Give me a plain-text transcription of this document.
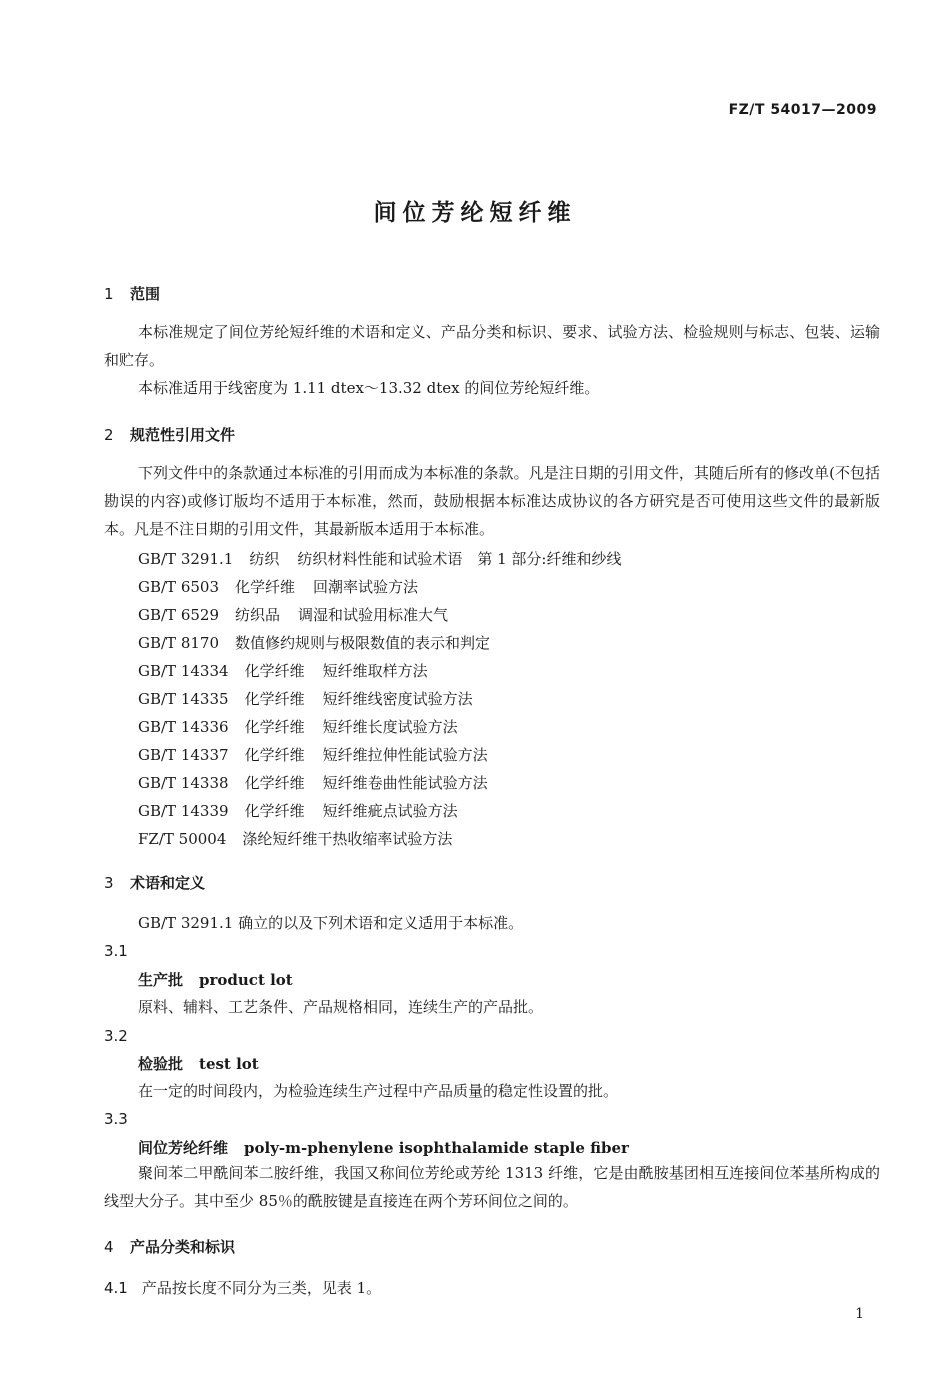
FZ/T 54017—2009
间位芳纶短纤维
1 范围
本标准规定了间位芳纶短纤维的术语和定义、产品分类和标识、要求、试验方法、检验规则与标志、包装、运输和贮存。
本标准适用于线密度为 1.11 dtex～13.32 dtex 的间位芳纶短纤维。
2 规范性引用文件
下列文件中的条款通过本标准的引用而成为本标准的条款。凡是注日期的引用文件，其随后所有的修改单(不包括勘误的内容)或修订版均不适用于本标准，然而，鼓励根据本标准达成协议的各方研究是否可使用这些文件的最新版本。凡是不注日期的引用文件，其最新版本适用于本标准。
GB/T 3291.1 纺织 纺织材料性能和试验术语　第 1 部分:纤维和纱线
GB/T 6503 化学纤维 回潮率试验方法
GB/T 6529 纺织品 调湿和试验用标准大气
GB/T 8170 数值修约规则与极限数值的表示和判定
GB/T 14334 化学纤维 短纤维取样方法
GB/T 14335 化学纤维 短纤维线密度试验方法
GB/T 14336 化学纤维 短纤维长度试验方法
GB/T 14337 化学纤维 短纤维拉伸性能试验方法
GB/T 14338 化学纤维 短纤维卷曲性能试验方法
GB/T 14339 化学纤维 短纤维疵点试验方法
FZ/T 50004 涤纶短纤维干热收缩率试验方法
3 术语和定义
GB/T 3291.1 确立的以及下列术语和定义适用于本标准。
3.1
生产批 product lot
原料、辅料、工艺条件、产品规格相同，连续生产的产品批。
3.2
检验批 test lot
在一定的时间段内，为检验连续生产过程中产品质量的稳定性设置的批。
3.3
间位芳纶纤维 poly-m-phenylene isophthalamide staple fiber
聚间苯二甲酰间苯二胺纤维，我国又称间位芳纶或芳纶 1313 纤维，它是由酰胺基团相互连接间位苯基所构成的线型大分子。其中至少 85％的酰胺键是直接连在两个芳环间位之间的。
4 产品分类和标识
4.1 产品按长度不同分为三类，见表 1。
1
